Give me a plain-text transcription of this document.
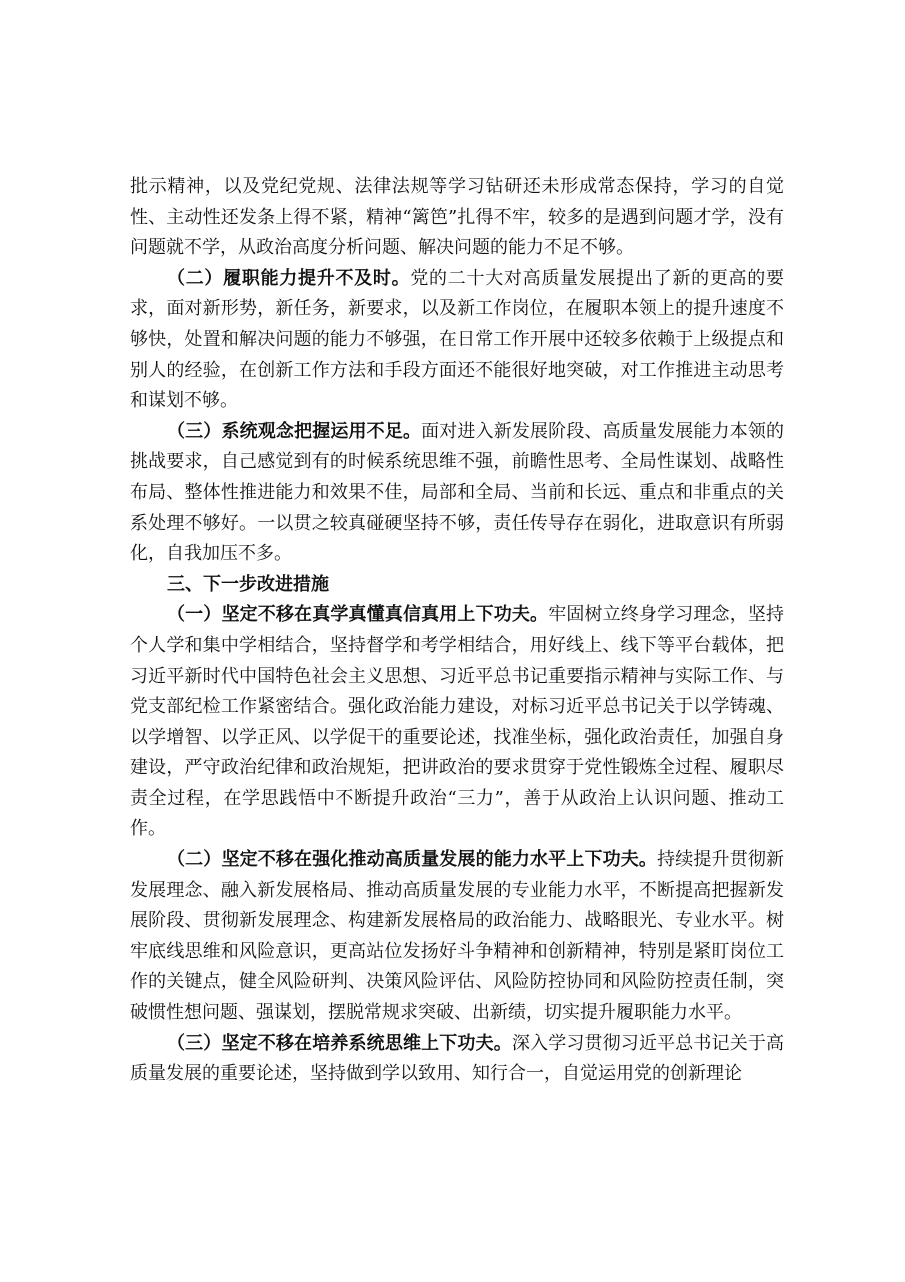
批示精神，以及党纪党规、法律法规等学习钻研还未形成常态保持，学习的自觉性、主动性还发条上得不紧，精神“篱笆”扎得不牢，较多的是遇到问题才学，没有问题就不学，从政治高度分析问题、解决问题的能力不足不够。

（二）履职能力提升不及时。党的二十大对高质量发展提出了新的更高的要求，面对新形势，新任务，新要求，以及新工作岗位，在履职本领上的提升速度不够快，处置和解决问题的能力不够强，在日常工作开展中还较多依赖于上级提点和别人的经验，在创新工作方法和手段方面还不能很好地突破，对工作推进主动思考和谋划不够。

（三）系统观念把握运用不足。面对进入新发展阶段、高质量发展能力本领的挑战要求，自己感觉到有的时候系统思维不强，前瞻性思考、全局性谋划、战略性布局、整体性推进能力和效果不佳，局部和全局、当前和长远、重点和非重点的关系处理不够好。一以贯之较真碰硬坚持不够，责任传导存在弱化，进取意识有所弱化，自我加压不多。

三、下一步改进措施

（一）坚定不移在真学真懂真信真用上下功夫。牢固树立终身学习理念，坚持个人学和集中学相结合，坚持督学和考学相结合，用好线上、线下等平台载体，把习近平新时代中国特色社会主义思想、习近平总书记重要指示精神与实际工作、与党支部纪检工作紧密结合。强化政治能力建设，对标习近平总书记关于以学铸魂、以学增智、以学正风、以学促干的重要论述，找准坐标，强化政治责任，加强自身建设，严守政治纪律和政治规矩，把讲政治的要求贯穿于党性锻炼全过程、履职尽责全过程，在学思践悟中不断提升政治“三力”，善于从政治上认识问题、推动工作。

（二）坚定不移在强化推动高质量发展的能力水平上下功夫。持续提升贯彻新发展理念、融入新发展格局、推动高质量发展的专业能力水平，不断提高把握新发展阶段、贯彻新发展理念、构建新发展格局的政治能力、战略眼光、专业水平。树牢底线思维和风险意识，更高站位发扬好斗争精神和创新精神，特别是紧盯岗位工作的关键点，健全风险研判、决策风险评估、风险防控协同和风险防控责任制，突破惯性想问题、强谋划，摆脱常规求突破、出新绩，切实提升履职能力水平。

（三）坚定不移在培养系统思维上下功夫。深入学习贯彻习近平总书记关于高质量发展的重要论述，坚持做到学以致用、知行合一，自觉运用党的创新理论
